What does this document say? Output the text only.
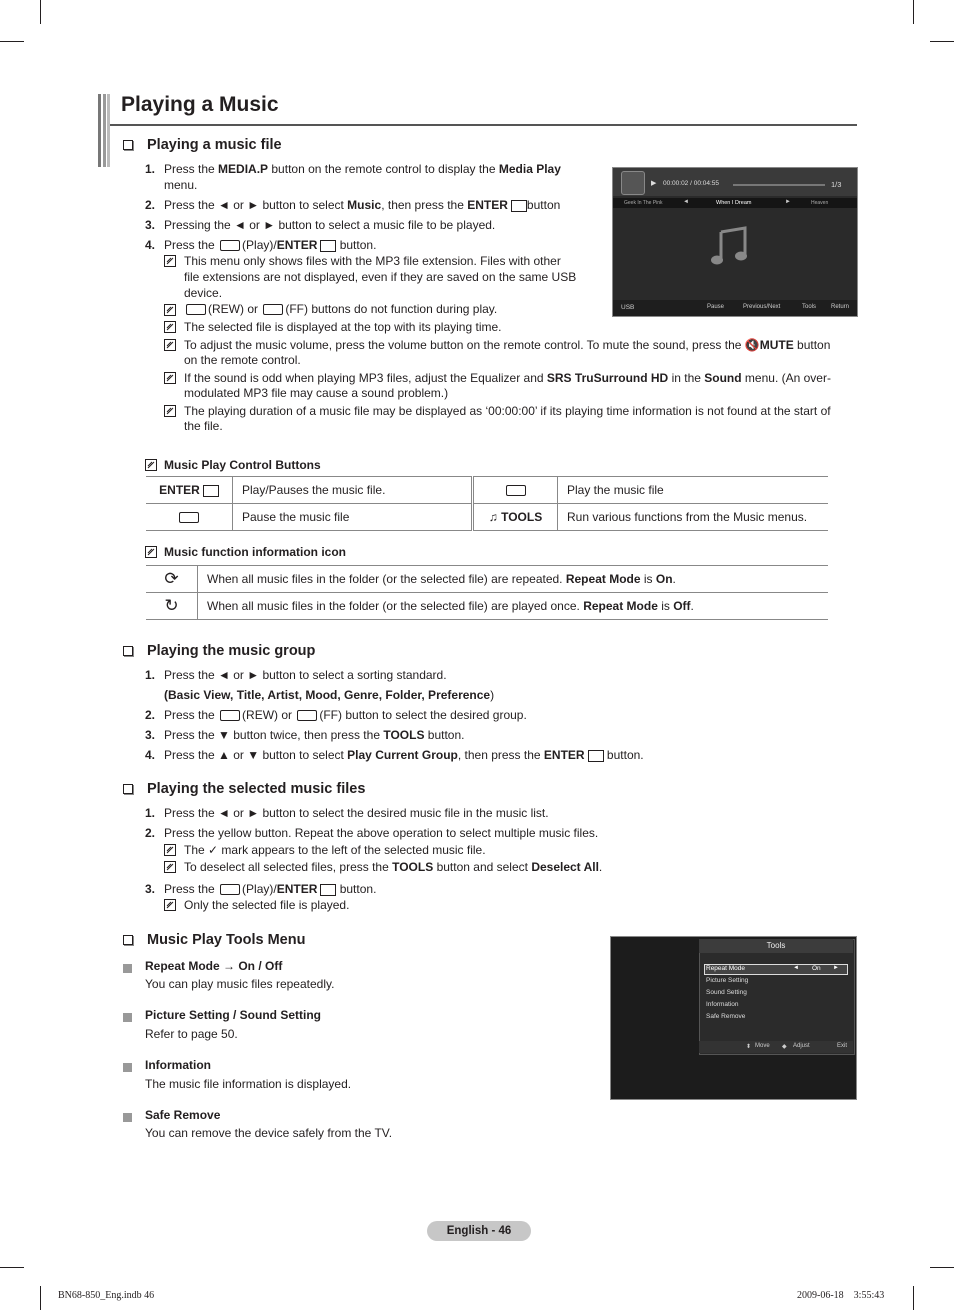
Playing a Music
Playing a music file
1. Press the MEDIA.P button on the remote control to display the Media Play
menu.
2. Press the ◄ or ► button to select Music, then press the ENTER button
3. Pressing the ◄ or ► button to select a music file to be played.
4. Press the (Play)/ENTER button.
This menu only shows files with the MP3 file extension. Files with other
file extensions are not displayed, even if they are saved on the same USB
device.
(REW) or (FF) buttons do not function during play.
The selected file is displayed at the top with its playing time.
To adjust the music volume, press the volume button on the remote control. To mute the sound, press the 🔇MUTE button
on the remote control.
If the sound is odd when playing MP3 files, adjust the Equalizer and SRS TruSurround HD in the Sound menu. (An over-
modulated MP3 file may cause a sound problem.)
The playing duration of a music file may be displayed as ‘00:00:00’ if its playing time information is not found at the start of
the file.
▶ 00:00:02 / 00:04:55	1/3
Geek In The Pink	◄	When I Dream	►	Heaven
USB	Pause	Previous/Next	Tools Return
Music Play Control Buttons
ENTER	Play/Pauses the music file.		Play the music file
	Pause the music file	♫ TOOLS	Run various functions from the Music menus.
Music function information icon
⟳	When all music files in the folder (or the selected file) are repeated. Repeat Mode is On.
↻	When all music files in the folder (or the selected file) are played once. Repeat Mode is Off.
Playing the music group
1. Press the ◄ or ► button to select a sorting standard.
(Basic View, Title, Artist, Mood, Genre, Folder, Preference)
2. Press the (REW) or (FF) button to select the desired group.
3. Press the ▼ button twice, then press the TOOLS button.
4. Press the ▲ or ▼ button to select Play Current Group, then press the ENTER button.
Playing the selected music files
1. Press the ◄ or ► button to select the desired music file in the music list.
2. Press the yellow button. Repeat the above operation to select multiple music files.
The ✓ mark appears to the left of the selected music file.
To deselect all selected files, press the TOOLS button and select Deselect All.
3. Press the (Play)/ENTER button.
Only the selected file is played.
Music Play Tools Menu
Repeat Mode → On / Off
You can play music files repeatedly.
Picture Setting / Sound Setting
Refer to page 50.
Information
The music file information is displayed.
Safe Remove
You can remove the device safely from the TV.
Tools
Repeat Mode	◄ On ►
Picture Setting
Sound Setting
Information
Safe Remove
⬍ Move ◆ Adjust	Exit
English - 46
BN68-850_Eng.indb 46	2009-06-18    3:55:43
